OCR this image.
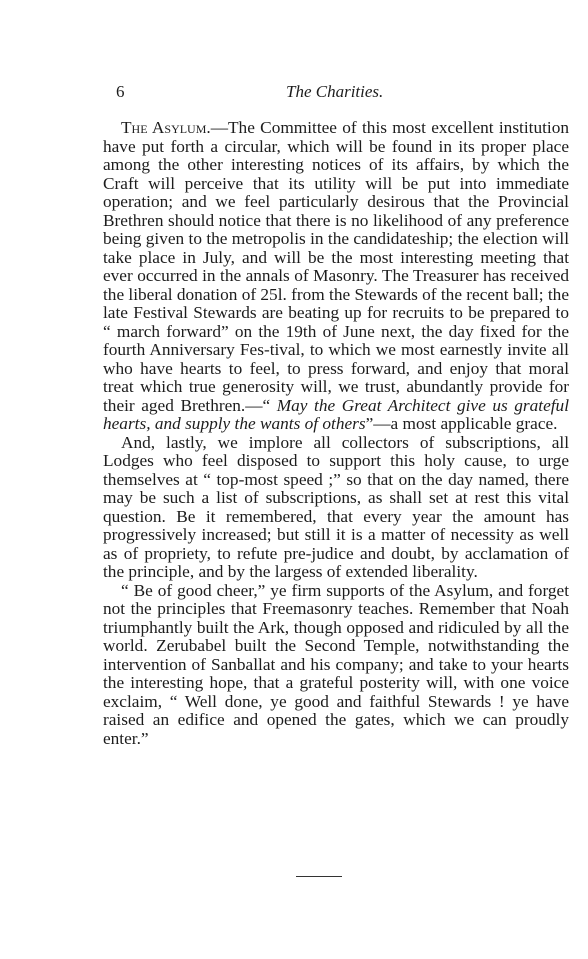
6	The Charities.

The Asylum.—The Committee of this most excellent institution have put forth a circular, which will be found in its proper place among the other interesting notices of its affairs, by which the Craft will perceive that its utility will be put into immediate operation; and we feel particularly desirous that the Provincial Brethren should notice that there is no likelihood of any preference being given to the metropolis in the candidateship; the election will take place in July, and will be the most interesting meeting that ever occurred in the annals of Masonry. The Treasurer has received the liberal donation of 25l. from the Stewards of the recent ball; the late Festival Stewards are beating up for recruits to be prepared to “ march forward” on the 19th of June next, the day fixed for the fourth Anniversary Fes-tival, to which we most earnestly invite all who have hearts to feel, to press forward, and enjoy that moral treat which true generosity will, we trust, abundantly provide for their aged Brethren.—“ May the Great Architect give us grateful hearts, and supply the wants of others”—a most applicable grace.

And, lastly, we implore all collectors of subscriptions, all Lodges who feel disposed to support this holy cause, to urge themselves at “ top-most speed ;” so that on the day named, there may be such a list of subscriptions, as shall set at rest this vital question. Be it remembered, that every year the amount has progressively increased; but still it is a matter of necessity as well as of propriety, to refute pre-judice and doubt, by acclamation of the principle, and by the largess of extended liberality.

“ Be of good cheer,” ye firm supports of the Asylum, and forget not the principles that Freemasonry teaches. Remember that Noah triumphantly built the Ark, though opposed and ridiculed by all the world. Zerubabel built the Second Temple, notwithstanding the intervention of Sanballat and his company; and take to your hearts the interesting hope, that a grateful posterity will, with one voice exclaim, “ Well done, ye good and faithful Stewards ! ye have raised an edifice and opened the gates, which we can proudly enter.”
